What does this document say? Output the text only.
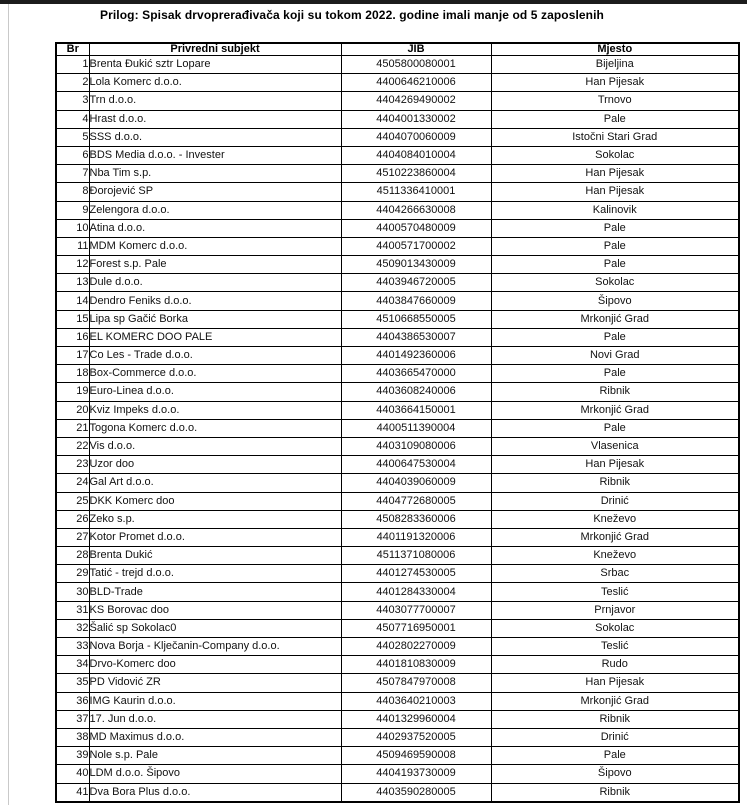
Prilog: Spisak drvoprerađivača koji su tokom 2022. godine imali manje od 5 zaposlenih
Br	Privredni subjekt	JIB	Mjesto
1	Brenta Đukić sztr Lopare	4505800080001	Bijeljina
2	Lola Komerc d.o.o.	4400646210006	Han Pijesak
3	Trn d.o.o.	4404269490002	Trnovo
4	Hrast d.o.o.	4404001330002	Pale
5	SSS d.o.o.	4404070060009	Istočni Stari Grad
6	BDS Media d.o.o. - Invester	4404084010004	Sokolac
7	Nba Tim s.p.	4510223860004	Han Pijesak
8	Đorojević SP	4511336410001	Han Pijesak
9	Zelengora d.o.o.	4404266630008	Kalinovik
10	Atina d.o.o.	4400570480009	Pale
11	MDM Komerc d.o.o.	4400571700002	Pale
12	Forest s.p. Pale	4509013430009	Pale
13	Dule d.o.o.	4403946720005	Sokolac
14	Dendro Feniks d.o.o.	4403847660009	Šipovo
15	Lipa sp Gačić Borka	4510668550005	Mrkonjić Grad
16	EL KOMERC DOO PALE	4404386530007	Pale
17	Co Les - Trade d.o.o.	4401492360006	Novi Grad
18	Box-Commerce d.o.o.	4403665470000	Pale
19	Euro-Linea d.o.o.	4403608240006	Ribnik
20	Kviz Impeks d.o.o.	4403664150001	Mrkonjić Grad
21	Togona Komerc d.o.o.	4400511390004	Pale
22	Vis d.o.o.	4403109080006	Vlasenica
23	Uzor doo	4400647530004	Han Pijesak
24	Gal Art d.o.o.	4404039060009	Ribnik
25	DKK Komerc doo	4404772680005	Drinić
26	Zeko s.p.	4508283360006	Kneževo
27	Kotor Promet d.o.o.	4401191320006	Mrkonjić Grad
28	Brenta Dukić	4511371080006	Kneževo
29	Tatić - trejd d.o.o.	4401274530005	Srbac
30	BLD-Trade	4401284330004	Teslić
31	KS Borovac doo	4403077700007	Prnjavor
32	Šalić sp Sokolac0	4507716950001	Sokolac
33	Nova Borja - Klječanin-Company d.o.o.	4402802270009	Teslić
34	Drvo-Komerc doo	4401810830009	Rudo
35	PD Vidović ZR	4507847970008	Han Pijesak
36	IMG Kaurin d.o.o.	4403640210003	Mrkonjić Grad
37	17. Jun d.o.o.	4401329960004	Ribnik
38	MD Maximus d.o.o.	4402937520005	Drinić
39	Nole s.p. Pale	4509469590008	Pale
40	LDM d.o.o. Šipovo	4404193730009	Šipovo
41	Dva Bora Plus d.o.o.	4403590280005	Ribnik
